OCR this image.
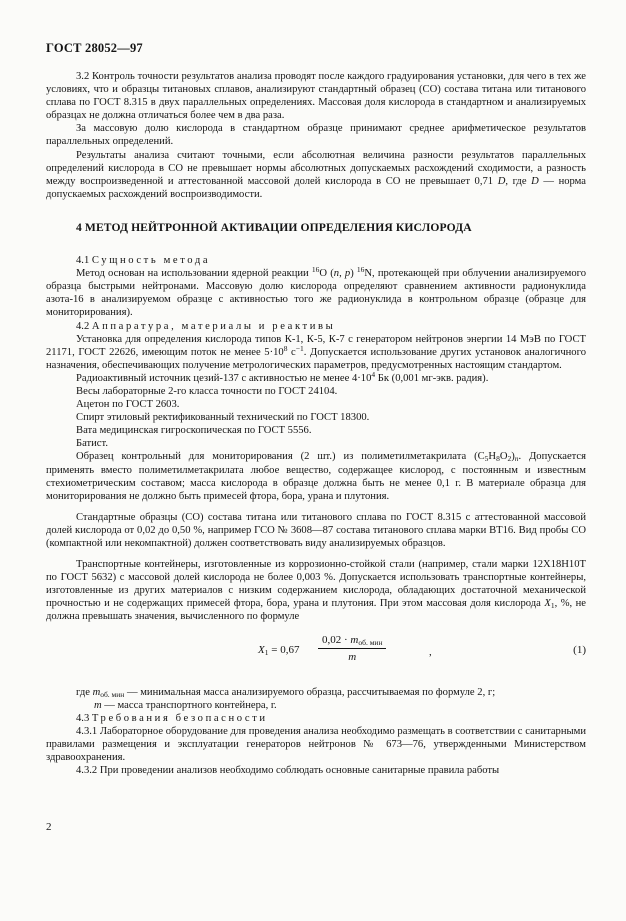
ГОСТ 28052—97

3.2 Контроль точности результатов анализа проводят после каждого градуирования установки, для чего в тех же условиях, что и образцы титановых сплавов, анализируют стандартный образец (СО) состава титана или титанового сплава по ГОСТ 8.315 в двух параллельных определениях. Массовая доля кислорода в стандартном и анализируемых образцах не должна отличаться более чем в два раза.

За массовую долю кислорода в стандартном образце принимают среднее арифметическое результатов параллельных определений.

Результаты анализа считают точными, если абсолютная величина разности результатов параллельных определений кислорода в СО не превышает нормы абсолютных допускаемых расхождений сходимости, а разность между воспроизведенной и аттестованной массовой долей кислорода в СО не превышает 0,71 D, где D — норма допускаемых расхождений воспроизводимости.

4 МЕТОД НЕЙТРОННОЙ АКТИВАЦИИ ОПРЕДЕЛЕНИЯ КИСЛОРОДА

4.1 Сущность метода

Метод основан на использовании ядерной реакции $^{16}$O (n, p) $^{16}$N, протекающей при облучении анализируемого образца быстрыми нейтронами. Массовую долю кислорода определяют сравнением активности радионуклида азота-16 в анализируемом образце с активностью того же радионуклида в контрольном образце (образце для мониторирования).

4.2 Аппаратура, материалы и реактивы

Установка для определения кислорода типов К-1, К-5, К-7 с генератором нейтронов энергии 14 МэВ по ГОСТ 21171, ГОСТ 22626, имеющим поток не менее $5\cdot 10^8$ $с^{-1}$. Допускается использование других установок аналогичного назначения, обеспечивающих получение метрологических параметров, предусмотренных настоящим стандартом.

Радиоактивный источник цезий-137 с активностью не менее $4\cdot 10^4$ Бк (0,001 мг-экв. радия).

Весы лабораторные 2-го класса точности по ГОСТ 24104.

Ацетон по ГОСТ 2603.

Спирт этиловый ректификованный технический по ГОСТ 18300.

Вата медицинская гигроскопическая по ГОСТ 5556.

Батист.

Образец контрольный для мониторирования (2 шт.) из полиметилметакрилата $(C_5H_8O_2)_n$. Допускается применять вместо полиметилметакрилата любое вещество, содержащее кислород, с постоянным и известным стехиометрическим составом; масса кислорода в образце должна быть не менее 0,1 г. В материале образца для мониторирования не должно быть примесей фтора, бора, урана и плутония.

Стандартные образцы (СО) состава титана или титанового сплава по ГОСТ 8.315 с аттестованной массовой долей кислорода от 0,02 до 0,50 %, например ГСО № 3608—87 состава титанового сплава марки ВТ16. Вид пробы СО (компактной или некомпактной) должен соответствовать виду анализируемых образцов.

Транспортные контейнеры, изготовленные из коррозионно-стойкой стали (например, стали марки 12Х18Н10Т по ГОСТ 5632) с массовой долей кислорода не более 0,003 %. Допускается использовать транспортные контейнеры, изготовленные из других материалов с низким содержанием кислорода, обладающих достаточной механической прочностью и не содержащих примесей фтора, бора, урана и плутония. При этом массовая доля кислорода $X_1$, %, не должна превышать значения, вычисленного по формуле

$X_1 = 0,67$
$0,02 \cdot m_{об. мин}$
m	,	(1)

где $m_{об. мин}$ — минимальная масса анализируемого образца, рассчитываемая по формуле 2, г;

m — масса транспортного контейнера, г.

4.3 Требования безопасности

4.3.1 Лабораторное оборудование для проведения анализа необходимо размещать в соответствии с санитарными правилами размещения и эксплуатации генераторов нейтронов № 673—76, утвержденными Министерством здравоохранения.

4.3.2 При проведении анализов необходимо соблюдать основные санитарные правила работы

2
